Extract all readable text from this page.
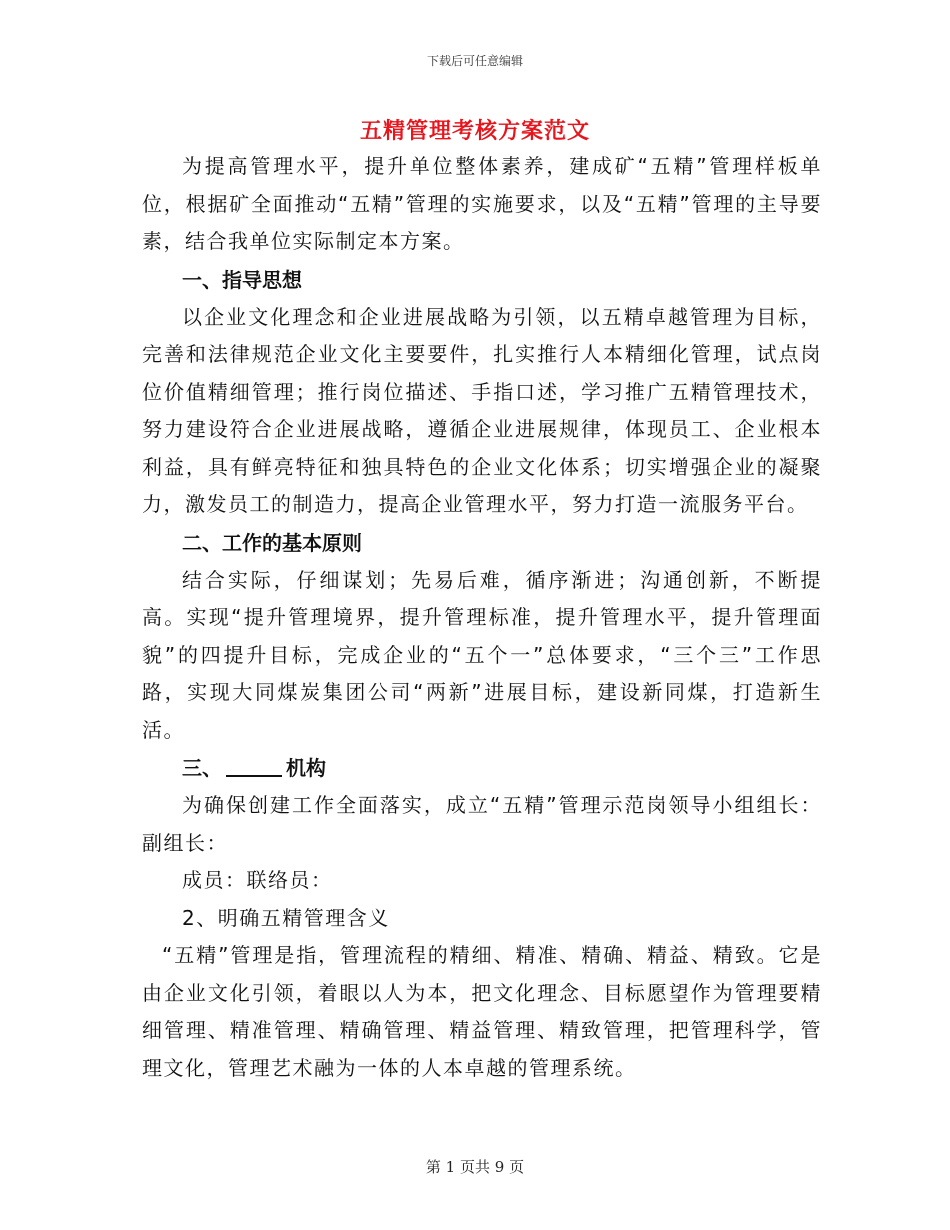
下载后可任意编辑
五精管理考核方案范文

为提高管理水平，提升单位整体素养，建成矿“五精”管理样板单位，根据矿全面推动“五精”管理的实施要求，以及“五精”管理的主导要素，结合我单位实际制定本方案。

一、指导思想

以企业文化理念和企业进展战略为引领，以五精卓越管理为目标，完善和法律规范企业文化主要要件，扎实推行人本精细化管理，试点岗位价值精细管理；推行岗位描述、手指口述，学习推广五精管理技术，努力建设符合企业进展战略，遵循企业进展规律，体现员工、企业根本利益，具有鲜亮特征和独具特色的企业文化体系；切实增强企业的凝聚力，激发员工的制造力，提高企业管理水平，努力打造一流服务平台。

二、工作的基本原则

结合实际，仔细谋划；先易后难，循序渐进；沟通创新，不断提高。实现“提升管理境界，提升管理标准，提升管理水平，提升管理面貌”的四提升目标，完成企业的“五个一”总体要求，“三个三”工作思路，实现大同煤炭集团公司“两新”进展目标，建设新同煤，打造新生活。

三、	机构

为确保创建工作全面落实，成立“五精”管理示范岗领导小组组长：副组长：

成员：联络员：

2、明确五精管理含义

“五精”管理是指，管理流程的精细、精准、精确、精益、精致。它是由企业文化引领，着眼以人为本，把文化理念、目标愿望作为管理要精细管理、精准管理、精确管理、精益管理、精致管理，把管理科学，管理文化，管理艺术融为一体的人本卓越的管理系统。

第 1 页共 9 页
